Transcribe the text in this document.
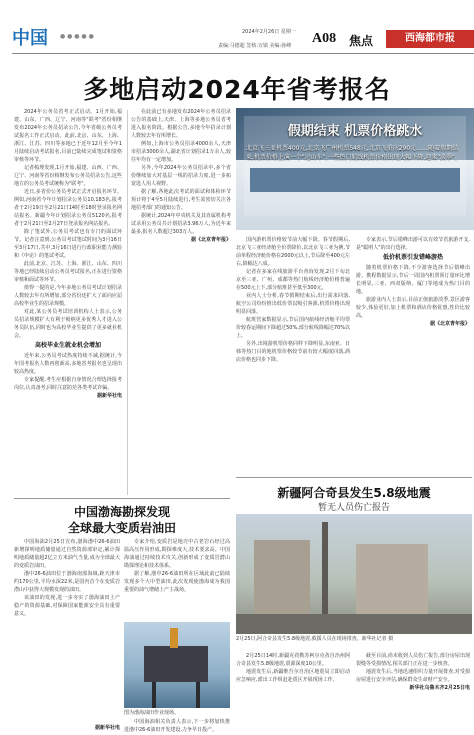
中国 ● ● ● ● ●
2024年2月26日 星期一
责编:马德超 签核:宣镇 美编:孙峰 A08 焦点	西海都市报
多地启动2024年省考报名

2024年公务员省考正式启动。1月开始,福建、山东、广西、辽宁、河南等"联考"省份相继发布2024年公务员招录公告,今年省级公务员考试报名工作正式启动。此前,北京、山东、上海、浙江、江苏、四川等多地已于近年12月至今年1月陆续启动考试报名,目前已陆续完成笔试和资格审核等环节。

记者梳理发现,1月开始,福建、山西、广西、辽宁、河南等省份相继发布公务员招录公告,这些地方的公务员考试统称为"联考"。

近日,多省份公务员考试正式开启报名环节。例如,河南省今年计划招录公务员10,183名,报考者于2月19日至2月21日14时至18时登录报名网站报名。新疆今年计划招录公务员5120名,报考者于2月21日至2月27日登录报名网站报名。

除了笔试外,公务员考试也有专门的面试环节。记者注意到,公务员考试笔试时间为3月16日至3月17日,共中,3月16日进行行政职业能力测验和《申论》的笔试考试。

此前,北京、江苏、上海、浙江、山东、四川等地已经陆续启动公务员考试报名,正在进行资格审核和面试等环节。

值得一提的是,今年多地公务员考试计划招录人数较去年有所增加,部分省份还扩大了面向应届高校毕业生的招录规模。

对此,某公务员考试培训机构人士表示,公务员招录规模扩大有利于吸纳更多优秀人才进入公务员队伍,同时也为高校毕业生提供了更多就业机会。

高校毕业生就业机会增加

近年来,公务员考试热度持续不减,据统计,今年国考报名人数再创新高,多地省考报名也呈现出较高热度。

专家提醒,考生应根据自身情况合理选择报考岗位,认真备考,同时注意防范各类考试诈骗。

据新华社电

在此前已有多地发布2024年公务员招录公告的基础上,天津、上海等多地公务员省考进入报名阶段。根据公告,多地今年招录计划人数较去年有所增长。

例如,上海市公务员招录4000余人,天津市招录3000余人,湖北省计划招录1万余人,较往年均有一定增加。

另外,今年2024年公务员招录中,多个省份继续加大对基层一线的招录力度,进一步拓宽选人用人视野。

据了解,各地此次考试的面试和体检环节预计将于4至5月陆续进行,考生需密切关注各地招考部门的通知公告。

据统计,2024年中央机关及其直属机构考试录用公务员共计划招录3.96万人,为近年来最多,报名人数超过303万人。

据《北京青年报》

假期结束 机票价格跳水
北京飞三亚机票400元,北京飞广州机票548元,北京飞重庆290元……随着假期结束,机票价格上演一个"过山车",一些热门航线机票价格出现大幅下降,迎来"淡季"。

国内游机票价格较节前大幅下降。春节假期后,北京飞三亚经济舱全价票降价,以北京飞三亚为例,节前单程经济舱价格在2000元以上,节后降至400元左右,降幅达八成。

记者在多家在线旅游平台查询发现,2月下旬北京至三亚、广州、成都等热门航线经济舱价格普遍在500元上下,部分航班甚至低至300元。

业内人士分析,春节假期结束后,出行需求回落,航空公司纷纷推出低价票以吸引客源,机票价格出现明显回落。

航班管家数据显示,节后国内航线经济舱平均票价较春运期间下降超过50%,部分航线降幅达70%以上。

另外,出境游机票价格同样下降明显,东南亚、日韩等热门目的地机票价格较节前有较大幅度回落,酒店价格也同步下降。

专家表示,节后错峰出游可以有效节省旅游开支,是"聪明人"的出行选择。

低价机票引发错峰游热

随着机票价格下降,不少游客选择节后错峰出游。携程数据显示,节后一周国内机票预订量环比增长明显,三亚、西双版纳、厦门等地成为热门目的地。

旅游业内人士表示,目前正值旅游淡季,景区游客较少,体验更好,加上机票和酒店价格优惠,性价比较高。

据《北京青年报》

新疆阿合奇县发生5.8级地震
暂无人员伤亡报告
2月25日,阿合奇县发生5.8级地震,救援人员在现场排查。新华社记者 摄

2月25日14时,新疆克孜勒苏柯尔克孜自治州阿合奇县发生5.8级地震,震源深度10公里。

地震发生后,新疆维吾尔自治区地震局立即启动应急响应,派出工作组赶赴震区开展现场工作。

截至目前,尚未收到人员伤亡报告,部分房屋出现裂缝等受损情况,相关部门正在进一步核查。

地震发生后,当地迅速组织力量开展排查,对受损房屋进行安全评估,确保群众生命财产安全。

新华社乌鲁木齐2月25日电

中国渤海勘探发现
全球最大变质岩油田

中国海油2月25日宣布,渤海渤中26-6油田新增探明地质储量通过自然资源部审定,累计探明地质储量超2亿立方米油气当量,成为全球最大的变质岩油田。

渤中26-6油田位于渤海南部海域,距天津市约170公里,平均水深22米,是国内首个在变质岩潜山中获得大规模发现的油田。

该油田的发现,进一步夯实了渤海油田上产稳产的资源基础,对保障国家能源安全具有重要意义。

专家介绍,变质岩是地壳中古老岩石经过高温高压作用形成,勘探难度大,技术要求高。中国海油通过持续技术攻关,创新形成了变质岩潜山勘探理论和技术体系。

据了解,渤中26-6油田所在区域此前已陆续发现多个大中型油田,此次发现使渤海成为我国重要的油气增储上产主战场。

图为渤海油田作业现场。

中国海油相关负责人表示,下一步将加快推进渤中26-6油田开发建设,力争早日投产。

据新华社电
